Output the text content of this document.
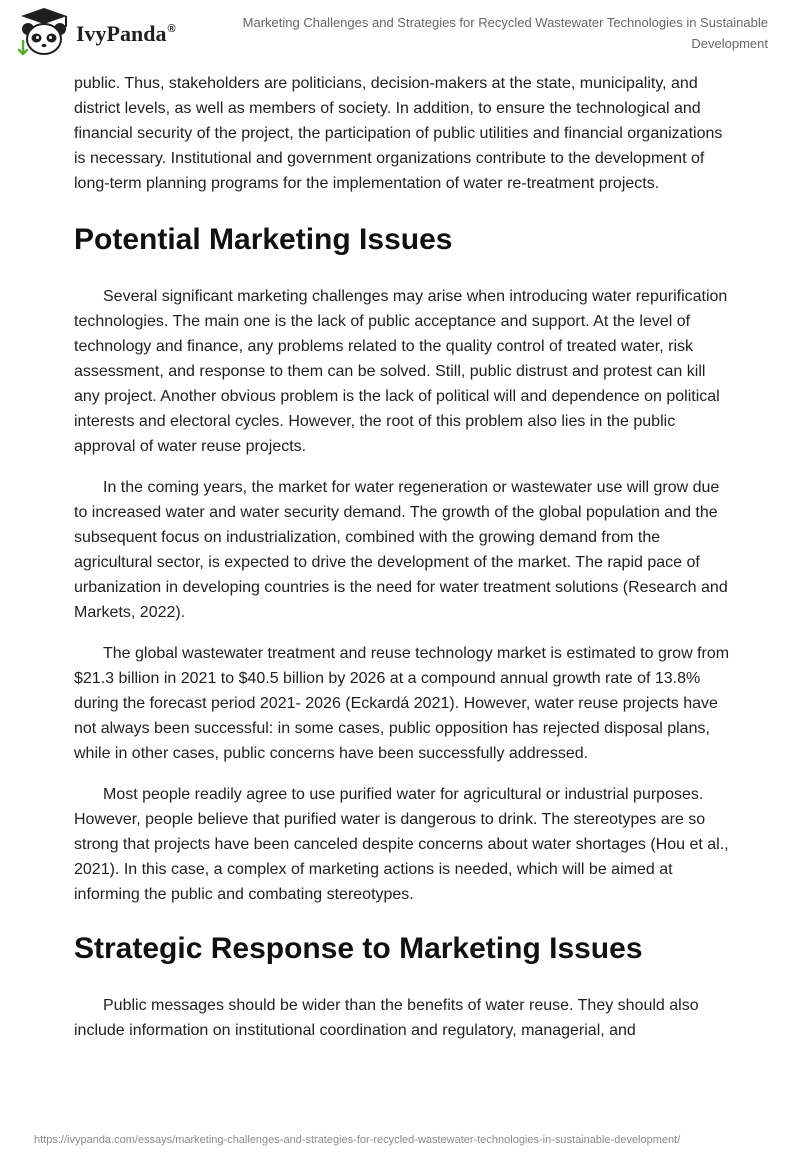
IvyPanda®	Marketing Challenges and Strategies for Recycled Wastewater Technologies in Sustainable Development

public. Thus, stakeholders are politicians, decision-makers at the state, municipality, and district levels, as well as members of society. In addition, to ensure the technological and financial security of the project, the participation of public utilities and financial organizations is necessary. Institutional and government organizations contribute to the development of long-term planning programs for the implementation of water re-treatment projects.

Potential Marketing Issues

Several significant marketing challenges may arise when introducing water repurification technologies. The main one is the lack of public acceptance and support. At the level of technology and finance, any problems related to the quality control of treated water, risk assessment, and response to them can be solved. Still, public distrust and protest can kill any project. Another obvious problem is the lack of political will and dependence on political interests and electoral cycles. However, the root of this problem also lies in the public approval of water reuse projects.

In the coming years, the market for water regeneration or wastewater use will grow due to increased water and water security demand. The growth of the global population and the subsequent focus on industrialization, combined with the growing demand from the agricultural sector, is expected to drive the development of the market. The rapid pace of urbanization in developing countries is the need for water treatment solutions (Research and Markets, 2022).

The global wastewater treatment and reuse technology market is estimated to grow from $21.3 billion in 2021 to $40.5 billion by 2026 at a compound annual growth rate of 13.8% during the forecast period 2021- 2026 (Eckardá 2021). However, water reuse projects have not always been successful: in some cases, public opposition has rejected disposal plans, while in other cases, public concerns have been successfully addressed.

Most people readily agree to use purified water for agricultural or industrial purposes. However, people believe that purified water is dangerous to drink. The stereotypes are so strong that projects have been canceled despite concerns about water shortages (Hou et al., 2021). In this case, a complex of marketing actions is needed, which will be aimed at informing the public and combating stereotypes.

Strategic Response to Marketing Issues

Public messages should be wider than the benefits of water reuse. They should also include information on institutional coordination and regulatory, managerial, and

https://ivypanda.com/essays/marketing-challenges-and-strategies-for-recycled-wastewater-technologies-in-sustainable-development/
